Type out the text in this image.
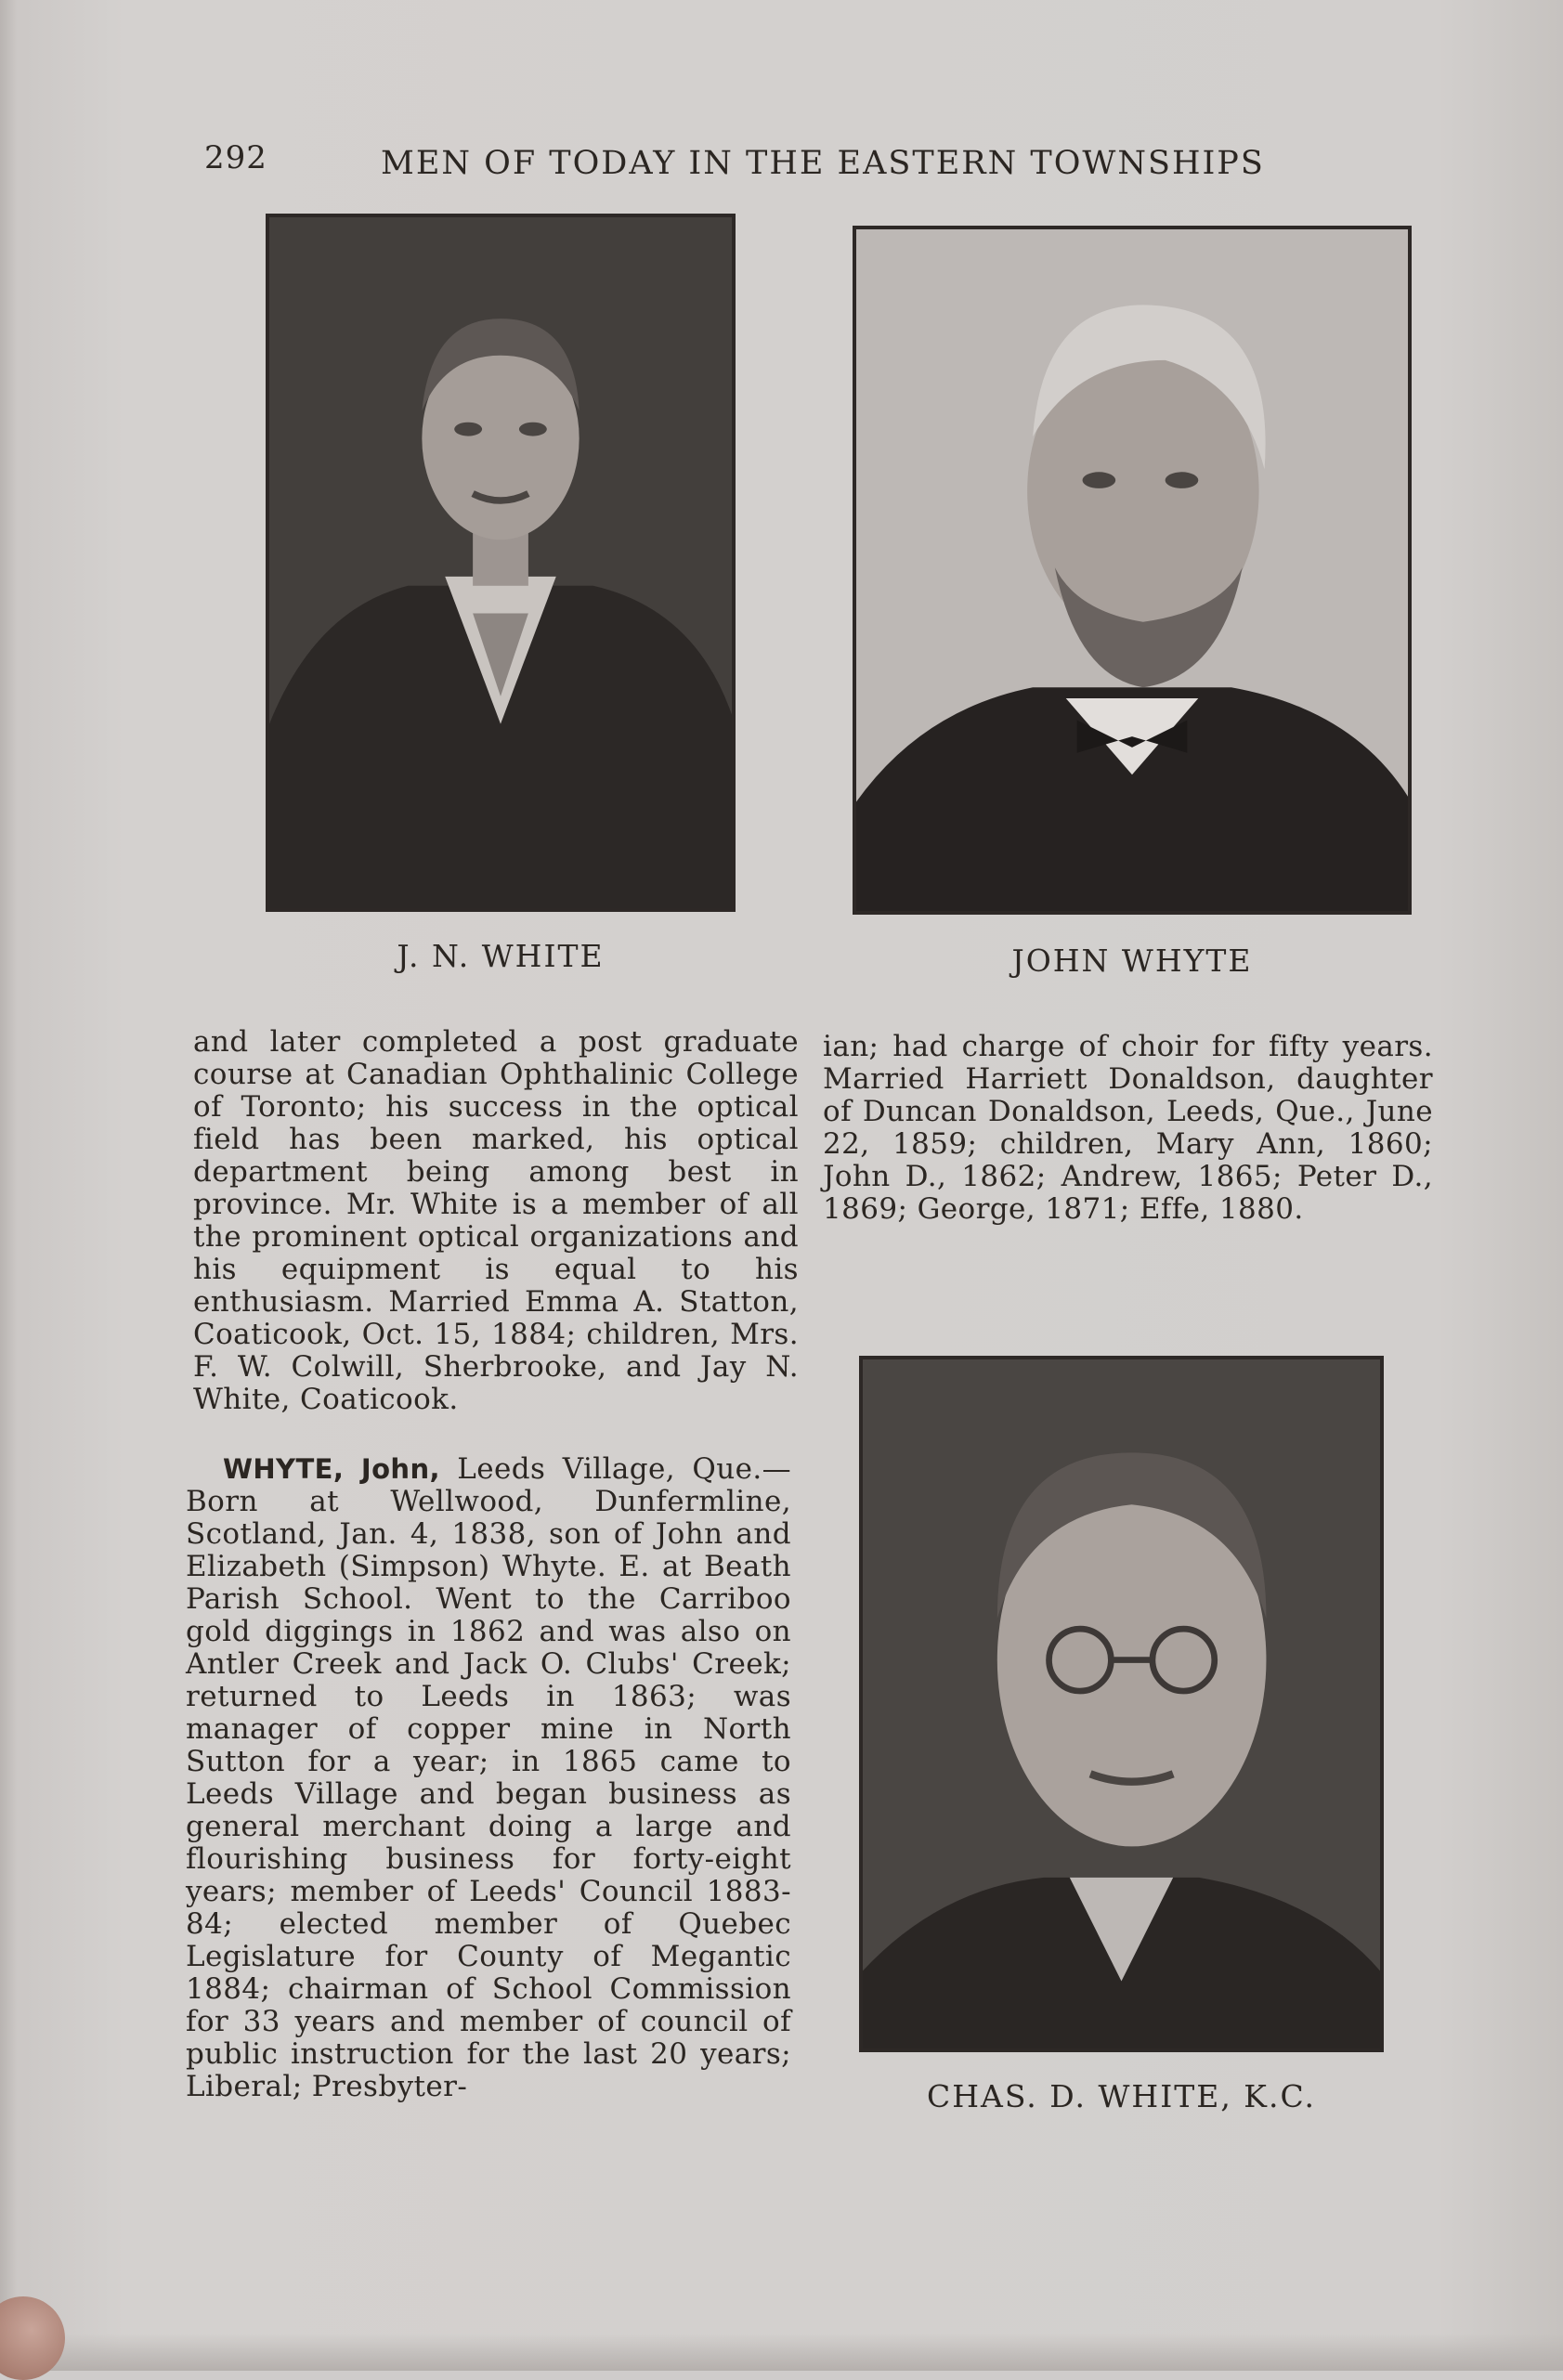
292	MEN OF TODAY IN THE EASTERN TOWNSHIPS
J. N. WHITE	JOHN WHYTE
CHAS. D. WHITE, K.C.

and later completed a post graduate course at Canadian Ophthalinic College of Toronto; his success in the optical field has been marked, his optical department being among best in province. Mr. White is a member of all the prominent optical organizations and his equipment is equal to his enthusiasm. Married Emma A. Statton, Coaticook, Oct. 15, 1884; children, Mrs. F. W. Colwill, Sherbrooke, and Jay N. White, Coaticook.

WHYTE, John, Leeds Village, Que.—Born at Wellwood, Dunfermline, Scotland, Jan. 4, 1838, son of John and Elizabeth (Simpson) Whyte. E. at Beath Parish School. Went to the Carriboo gold diggings in 1862 and was also on Antler Creek and Jack O. Clubs' Creek; returned to Leeds in 1863; was manager of copper mine in North Sutton for a year; in 1865 came to Leeds Village and began business as general merchant doing a large and flourishing business for forty-eight years; member of Leeds' Council 1883-84; elected member of Quebec Legislature for County of Megantic 1884; chairman of School Commission for 33 years and member of council of public instruction for the last 20 years; Liberal; Presbyter-

ian; had charge of choir for fifty years. Married Harriett Donaldson, daughter of Duncan Donaldson, Leeds, Que., June 22, 1859; children, Mary Ann, 1860; John D., 1862; Andrew, 1865; Peter D., 1869; George, 1871; Effe, 1880.
